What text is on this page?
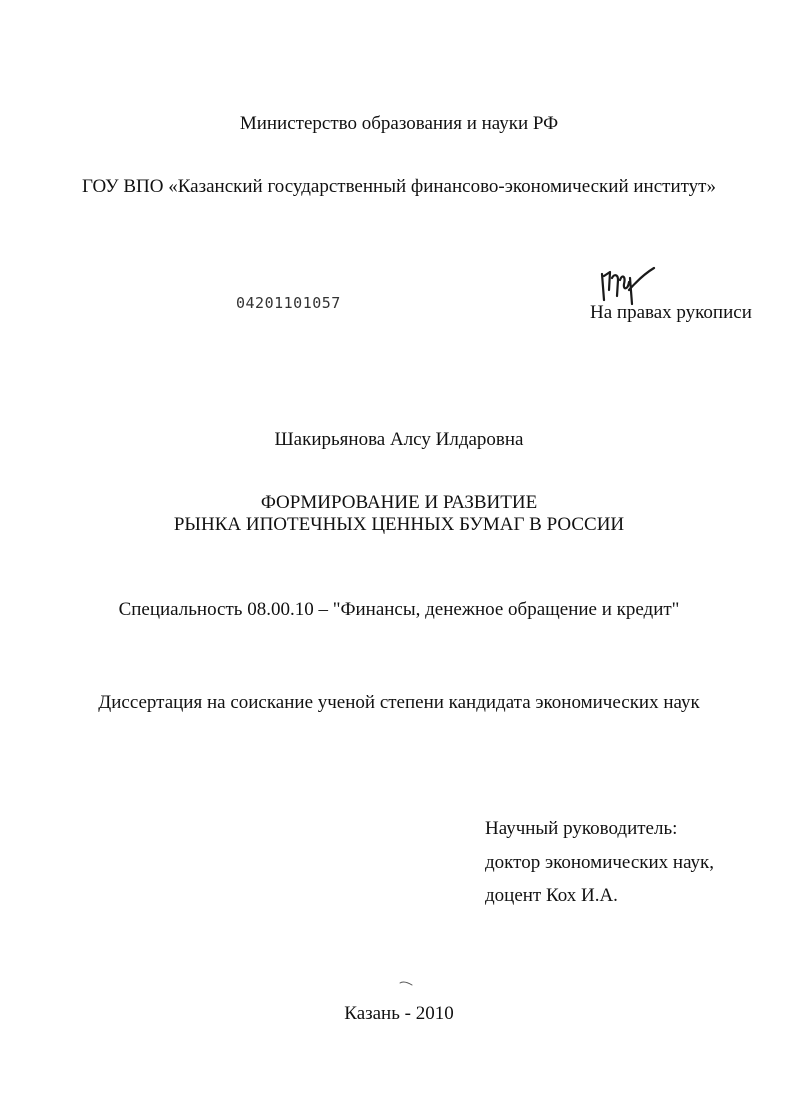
Министерство образования и науки РФ
ГОУ ВПО «Казанский государственный финансово-экономический институт»
04201101057	На правах рукописи
Шакирьянова Алсу Илдаровна
ФОРМИРОВАНИЕ И РАЗВИТИЕ
РЫНКА ИПОТЕЧНЫХ ЦЕННЫХ БУМАГ В РОССИИ
Специальность 08.00.10 – "Финансы, денежное обращение и кредит"
Диссертация на соискание ученой степени кандидата экономических наук
Научный руководитель:
доктор экономических наук,
доцент Кох И.А.
Казань - 2010
